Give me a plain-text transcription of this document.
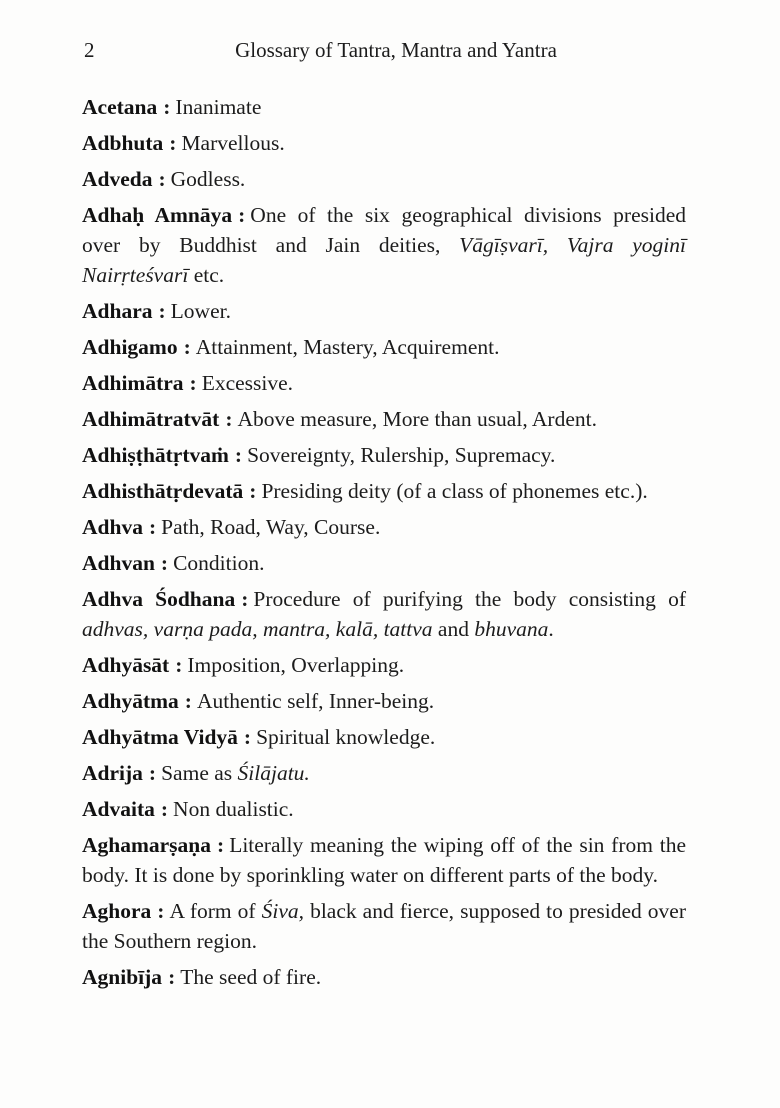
2	Glossary of Tantra, Mantra and Yantra
Acetana : Inanimate
Adbhuta : Marvellous.
Adveda : Godless.
Adhaḥ Amnāya : One of the six geographical divisions presided over by Buddhist and Jain deities, Vāgīṣvarī, Vajra yoginī Nairṛteśvarī etc.
Adhara : Lower.
Adhigamo : Attainment, Mastery, Acquirement.
Adhimātra : Excessive.
Adhimātratvāt : Above measure, More than usual, Ardent.
Adhiṣṭhātṛtvaṁ : Sovereignty, Rulership, Supremacy.
Adhisthātṛdevatā : Presiding deity (of a class of phonemes etc.).
Adhva : Path, Road, Way, Course.
Adhvan : Condition.
Adhva Śodhana : Procedure of purifying the body consisting of adhvas, varṇa pada, mantra, kalā, tattva and bhuvana.
Adhyāsāt : Imposition, Overlapping.
Adhyātma : Authentic self, Inner-being.
Adhyātma Vidyā : Spiritual knowledge.
Adrija : Same as Śilājatu.
Advaita : Non dualistic.
Aghamarṣaṇa : Literally meaning the wiping off of the sin from the body. It is done by sporinkling water on different parts of the body.
Aghora : A form of Śiva, black and fierce, supposed to presided over the Southern region.
Agnibīja : The seed of fire.
